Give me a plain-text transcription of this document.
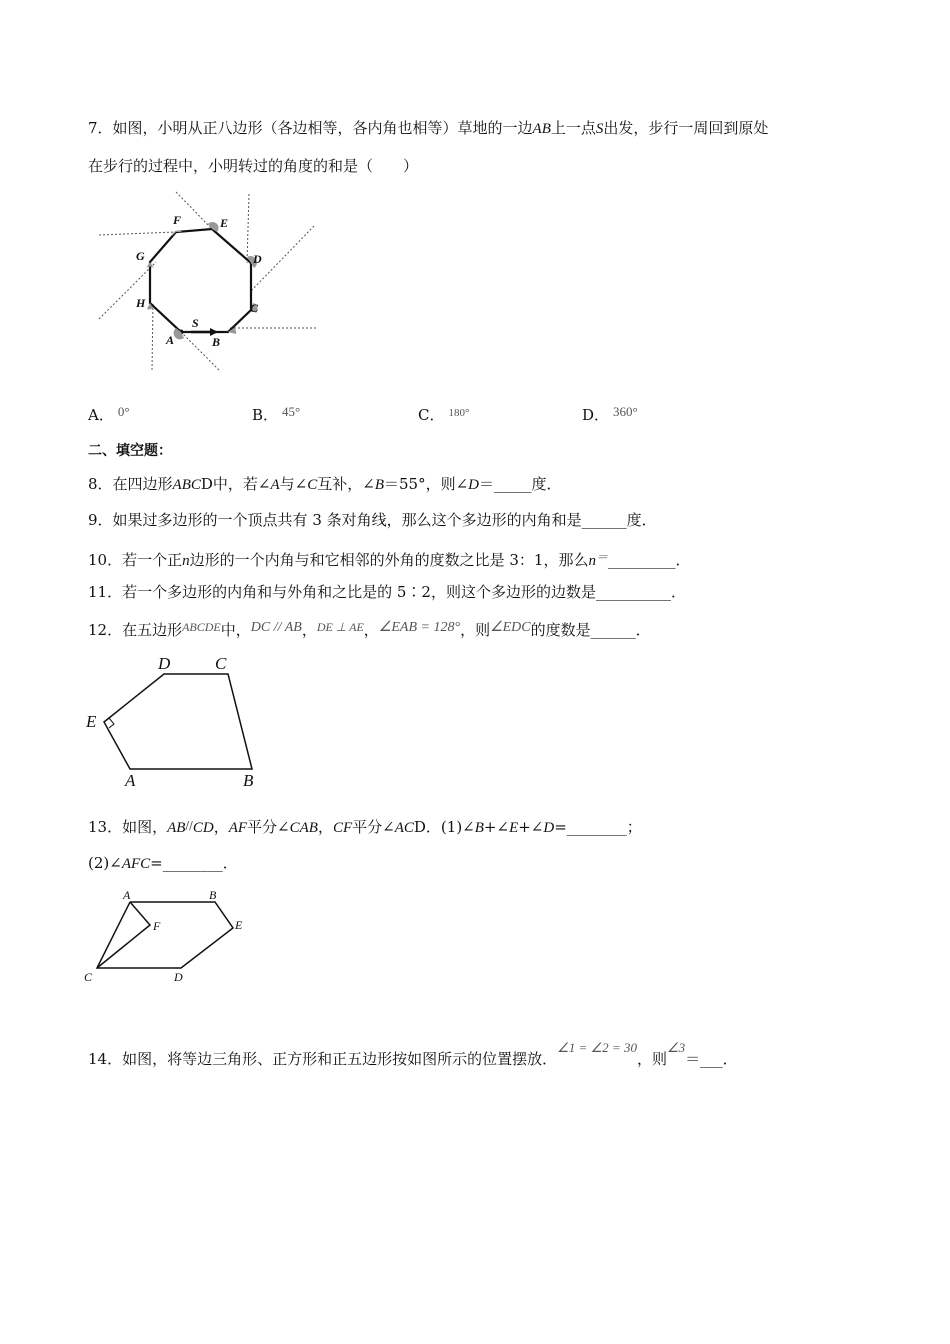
7．如图，小明从正八边形（各边相等，各内角也相等）草地的一边AB上一点S出发，步行一周回到原处
在步行的过程中，小明转过的角度的和是（　　）
F	E
G	D
H	C
S
A	B
A． 0°	B． 45°	C． $^{180^\circ}$	D． 360°
二、填空题：
8．在四边形ABCD中，若∠A与∠C互补，∠B＝55°，则∠D＝_____度．
9．如果过多边形的一个顶点共有 3 条对角线，那么这个多边形的内角和是______度．
10．若一个正n边形的一个内角与和它相邻的外角的度数之比是 3：1，那么n＝_________．
11．若一个多边形的内角和与外角和之比是的 5∶2，则这个多边形的边数是__________．
12．在五边形$^{ABCDE}$中，DC // AB，$^{DE \perp AE}$，∠EAB = 128°，则∠EDC的度数是______．
D	C
E
A	B
13．如图，AB//CD，AF平分∠CAB，CF平分∠ACD．(1)∠B+∠E+∠D=________；
(2)∠AFC=________．
A	B
F	E
C	D
14．如图，将等边三角形、正方形和正五边形按如图所示的位置摆放．∠1 = ∠2 = 30，则∠3＝___．
